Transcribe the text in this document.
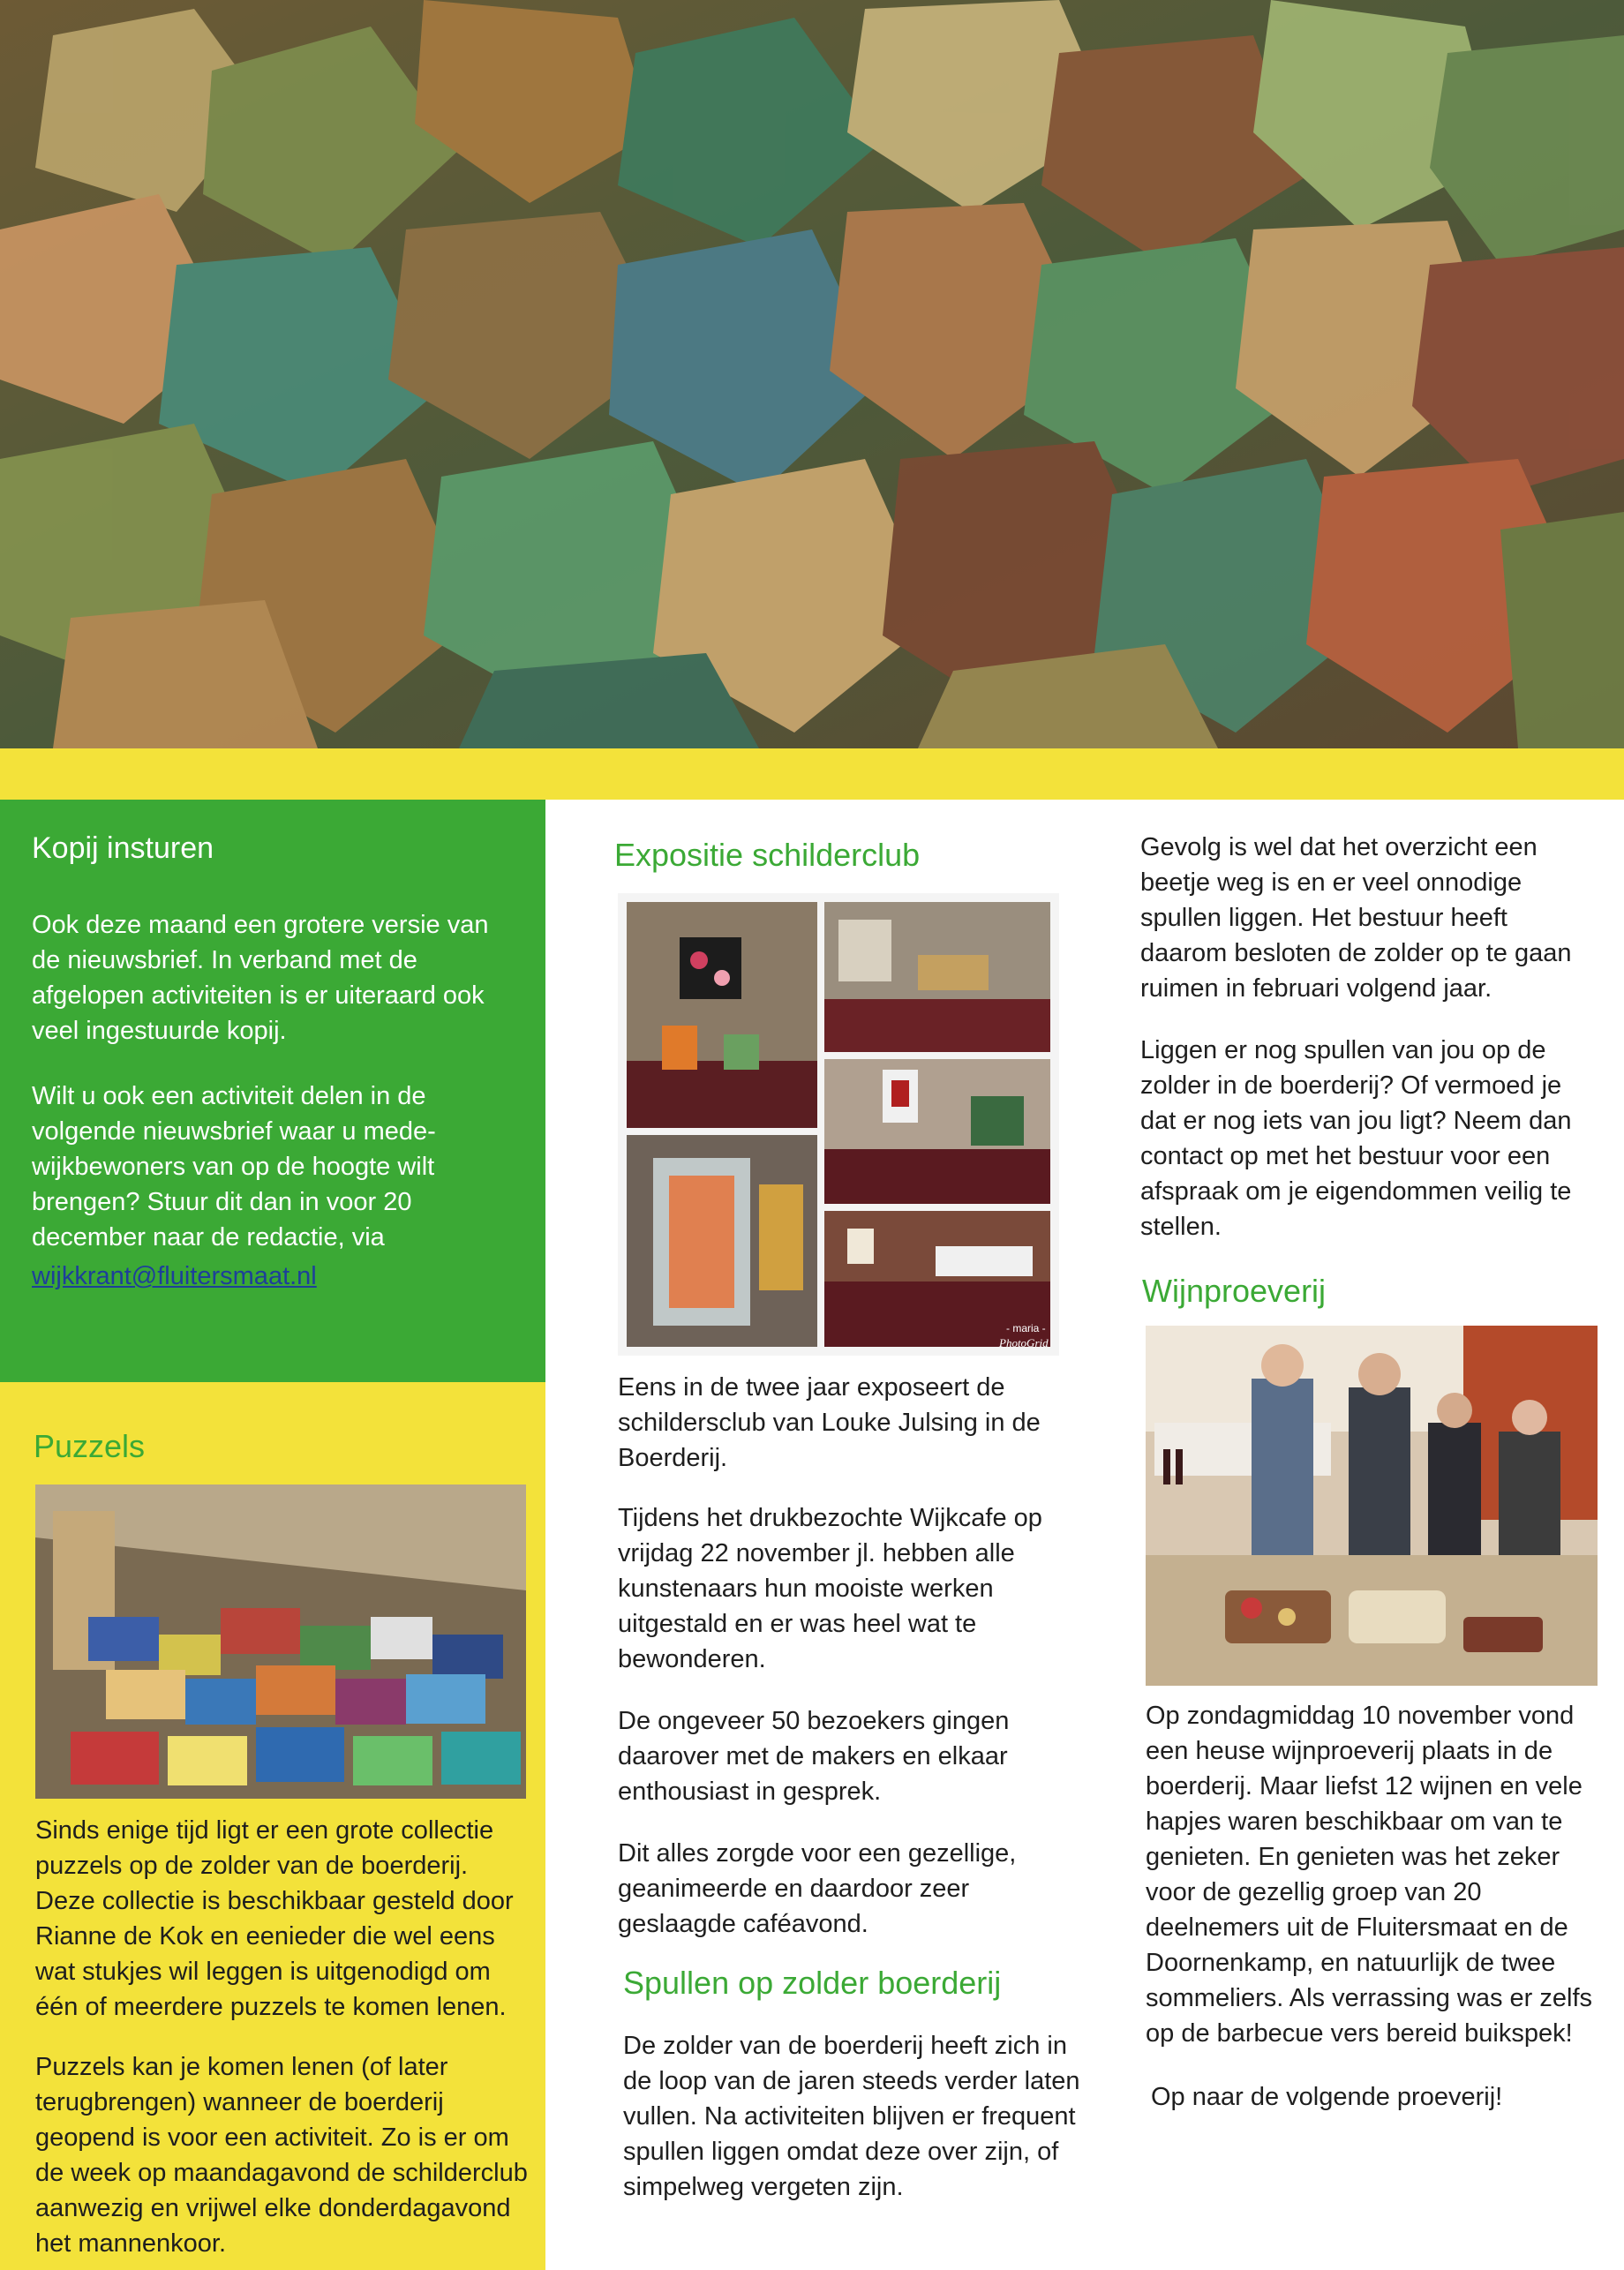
Kopij insturen

Ook deze maand een grotere versie van de nieuwsbrief. In verband met de afgelopen activiteiten is er uiteraard ook veel ingestuurde kopij.

Wilt u ook een activiteit delen in de volgende nieuwsbrief waar u mede-wijkbewoners van op de hoogte wilt brengen? Stuur dit dan in voor 20 december naar de redactie, via

wijkkrant@fluitersmaat.nl
Puzzels

Sinds enige tijd ligt er een grote collectie puzzels op de zolder van de boerderij. Deze collectie is beschikbaar gesteld door Rianne de Kok en eenieder die wel eens wat stukjes wil leggen is uitgenodigd om één of meerdere puzzels te komen lenen.

Puzzels kan je komen lenen (of later terugbrengen) wanneer de boerderij geopend is voor een activiteit. Zo is er om de week op maandagavond de schilderclub aanwezig en vrijwel elke donderdagavond het mannenkoor.

Expositie schilderclub
- maria -
PhotoGrid

Eens in de twee jaar exposeert de schildersclub van Louke Julsing in de Boerderij.

Tijdens het drukbezochte Wijkcafe op vrijdag 22 november jl. hebben alle kunstenaars hun mooiste werken uitgestald en er was heel wat te bewonderen.

De ongeveer 50 bezoekers gingen daarover met de makers en elkaar enthousiast in gesprek.

Dit alles zorgde voor een gezellige, geanimeerde en daardoor zeer geslaagde caféavond.

Spullen op zolder boerderij

De zolder van de boerderij heeft zich in de loop van de jaren steeds verder laten vullen. Na activiteiten blijven er frequent spullen liggen omdat deze over zijn, of simpelweg vergeten zijn.

Gevolg is wel dat het overzicht een beetje weg is en er veel onnodige spullen liggen. Het bestuur heeft daarom besloten de zolder op te gaan ruimen in februari volgend jaar.

Liggen er nog spullen van jou op de zolder in de boerderij? Of vermoed je dat er nog iets van jou ligt? Neem dan contact op met het bestuur voor een afspraak om je eigendommen veilig te stellen.

Wijnproeverij

Op zondagmiddag 10 november vond een heuse wijnproeverij plaats in de boerderij. Maar liefst 12 wijnen en vele hapjes waren beschikbaar om van te genieten. En genieten was het zeker voor de gezellig groep van 20 deelnemers uit de Fluitersmaat en de Doornenkamp, en natuurlijk de twee sommeliers. Als verrassing was er zelfs op de barbecue vers bereid buikspek!

Op naar de volgende proeverij!
